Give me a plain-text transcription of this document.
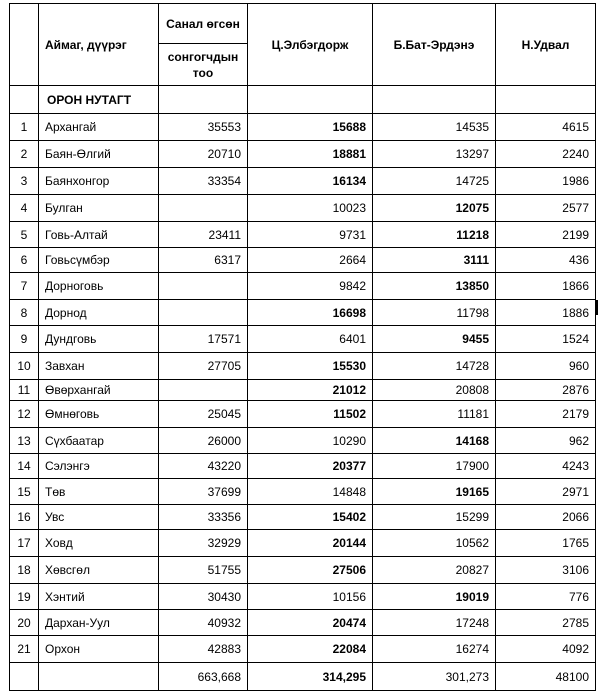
	Аймаг, дүүрэг	Санал өгсөн	Ц.Элбэгдорж	Б.Бат-Эрдэнэ	Н.Удвал
		сонгогчдын тоо			
	ОРОН НУТАГТ				
1	Архангай	35553	15688	14535	4615
2	Баян-Өлгий	20710	18881	13297	2240
3	Баянхонгор	33354	16134	14725	1986
4	Булган		10023	12075	2577
5	Говь-Алтай	23411	9731	11218	2199
6	Говьсүмбэр	6317	2664	3111	436
7	Дорноговь		9842	13850	1866
8	Дорнод		16698	11798	1886
9	Дундговь	17571	6401	9455	1524
10	Завхан	27705	15530	14728	960
11	Өвөрхангай		21012	20808	2876
12	Өмнөговь	25045	11502	11181	2179
13	Сүхбаатар	26000	10290	14168	962
14	Сэлэнгэ	43220	20377	17900	4243
15	Төв	37699	14848	19165	2971
16	Увс	33356	15402	15299	2066
17	Ховд	32929	20144	10562	1765
18	Хөвсгөл	51755	27506	20827	3106
19	Хэнтий	30430	10156	19019	776
20	Дархан-Уул	40932	20474	17248	2785
21	Орхон	42883	22084	16274	4092
		663,668	314,295	301,273	48100
